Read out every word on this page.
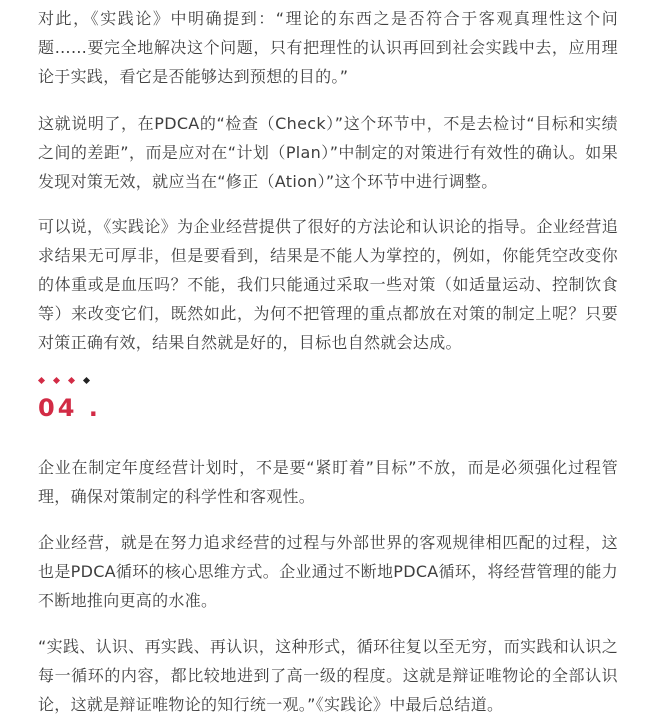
对此，《实践论》中明确提到：“理论的东西之是否符合于客观真理性这个问题……要完全地解决这个问题，只有把理性的认识再回到社会实践中去，应用理论于实践，看它是否能够达到预想的目的。”

这就说明了，在PDCA的“检查（Check）”这个环节中，不是去检讨“目标和实绩之间的差距”，而是应对在“计划（Plan）”中制定的对策进行有效性的确认。如果发现对策无效，就应当在“修正（Ation）”这个环节中进行调整。

可以说，《实践论》为企业经营提供了很好的方法论和认识论的指导。企业经营追求结果无可厚非，但是要看到，结果是不能人为掌控的，例如，你能凭空改变你的体重或是血压吗？不能，我们只能通过采取一些对策（如适量运动、控制饮食等）来改变它们，既然如此，为何不把管理的重点都放在对策的制定上呢？只要对策正确有效，结果自然就是好的，目标也自然就会达成。

04 .

企业在制定年度经营计划时，不是要“紧盯着”目标”不放，而是必须强化过程管理，确保对策制定的科学性和客观性。

企业经营，就是在努力追求经营的过程与外部世界的客观规律相匹配的过程，这也是PDCA循环的核心思维方式。企业通过不断地PDCA循环，将经营管理的能力不断地推向更高的水准。

“实践、认识、再实践、再认识，这种形式，循环往复以至无穷，而实践和认识之每一循环的内容，都比较地进到了高一级的程度。这就是辩证唯物论的全部认识论，这就是辩证唯物论的知行统一观。”《实践论》中最后总结道。
